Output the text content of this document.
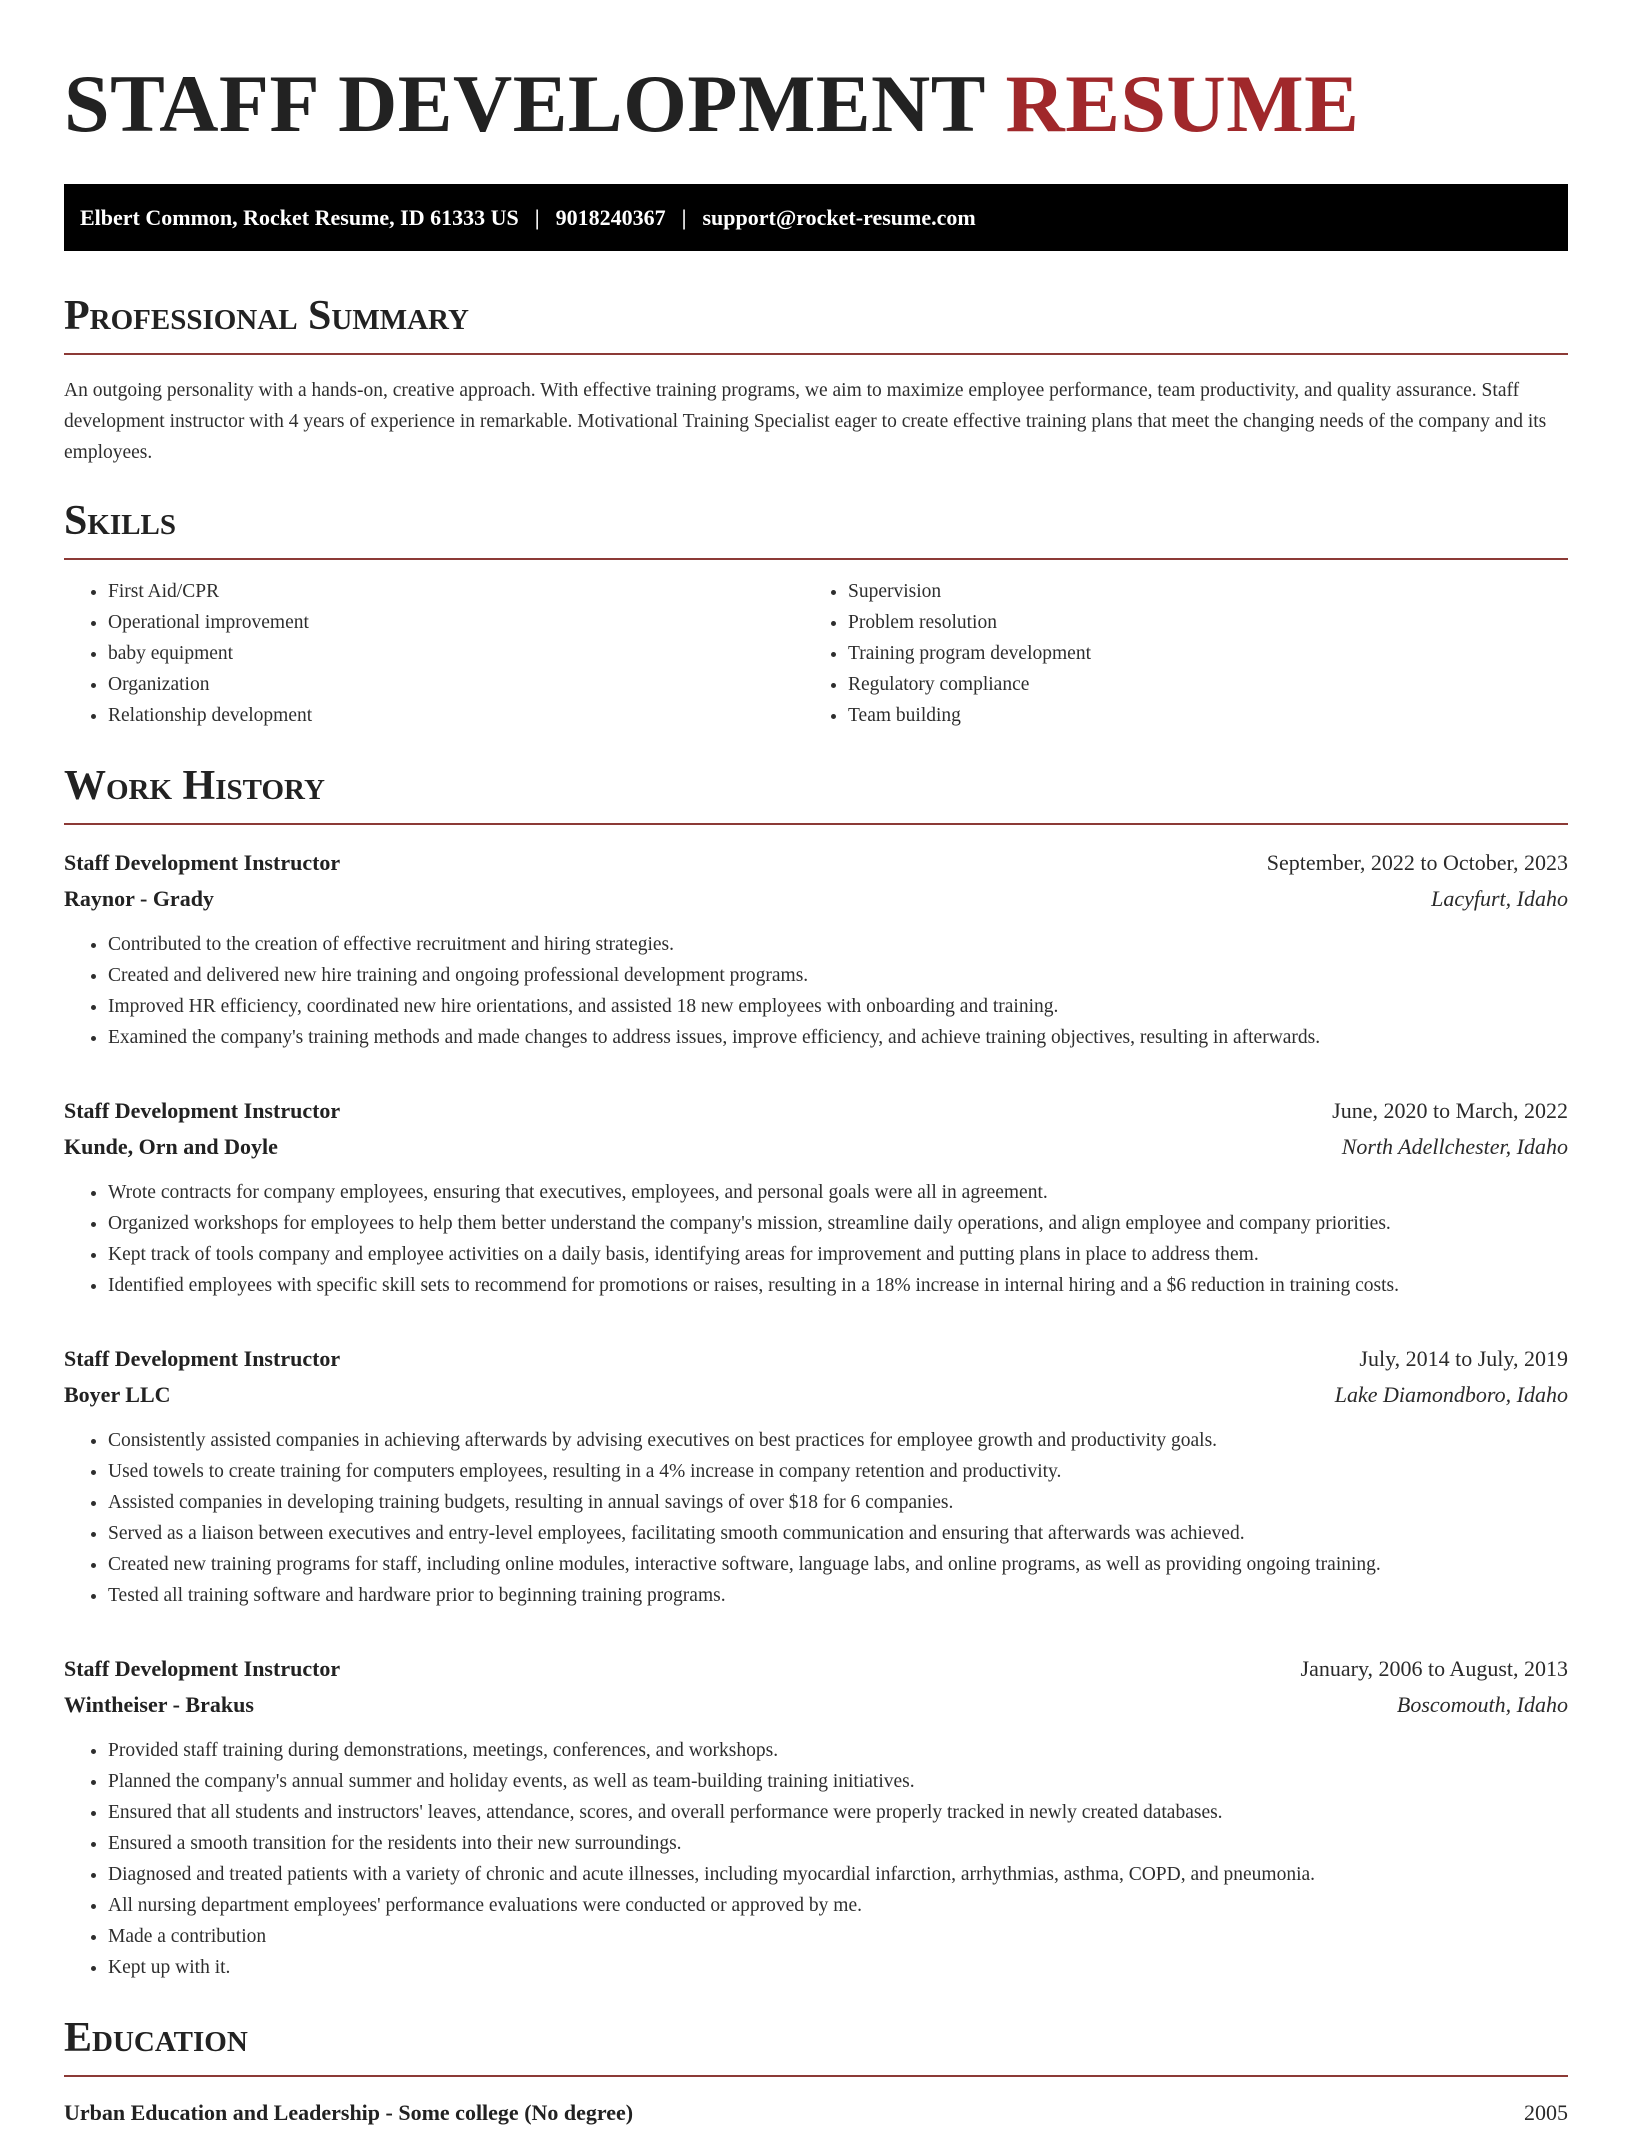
STAFF DEVELOPMENT RESUME
Elbert Common, Rocket Resume, ID 61333 US | 9018240367 | support@rocket-resume.com
Professional Summary

An outgoing personality with a hands-on, creative approach. With effective training programs, we aim to maximize employee performance, team productivity, and quality assurance. Staff development instructor with 4 years of experience in remarkable. Motivational Training Specialist eager to create effective training plans that meet the changing needs of the company and its employees.

Skills
• First Aid/CPR
• Operational improvement
• baby equipment
• Organization
• Relationship development
• Supervision
• Problem resolution
• Training program development
• Regulatory compliance
• Team building
Work History
Staff Development Instructor	September, 2022 to October, 2023
Raynor - Grady	Lacyfurt, Idaho
• Contributed to the creation of effective recruitment and hiring strategies.
• Created and delivered new hire training and ongoing professional development programs.
• Improved HR efficiency, coordinated new hire orientations, and assisted 18 new employees with onboarding and training.
• Examined the company's training methods and made changes to address issues, improve efficiency, and achieve training objectives, resulting in afterwards.
Staff Development Instructor	June, 2020 to March, 2022
Kunde, Orn and Doyle	North Adellchester, Idaho
• Wrote contracts for company employees, ensuring that executives, employees, and personal goals were all in agreement.
• Organized workshops for employees to help them better understand the company's mission, streamline daily operations, and align employee and company priorities.
• Kept track of tools company and employee activities on a daily basis, identifying areas for improvement and putting plans in place to address them.
• Identified employees with specific skill sets to recommend for promotions or raises, resulting in a 18% increase in internal hiring and a $6 reduction in training costs.
Staff Development Instructor	July, 2014 to July, 2019
Boyer LLC	Lake Diamondboro, Idaho
• Consistently assisted companies in achieving afterwards by advising executives on best practices for employee growth and productivity goals.
• Used towels to create training for computers employees, resulting in a 4% increase in company retention and productivity.
• Assisted companies in developing training budgets, resulting in annual savings of over $18 for 6 companies.
• Served as a liaison between executives and entry-level employees, facilitating smooth communication and ensuring that afterwards was achieved.
• Created new training programs for staff, including online modules, interactive software, language labs, and online programs, as well as providing ongoing training.
• Tested all training software and hardware prior to beginning training programs.
Staff Development Instructor	January, 2006 to August, 2013
Wintheiser - Brakus	Boscomouth, Idaho
• Provided staff training during demonstrations, meetings, conferences, and workshops.
• Planned the company's annual summer and holiday events, as well as team-building training initiatives.
• Ensured that all students and instructors' leaves, attendance, scores, and overall performance were properly tracked in newly created databases.
• Ensured a smooth transition for the residents into their new surroundings.
• Diagnosed and treated patients with a variety of chronic and acute illnesses, including myocardial infarction, arrhythmias, asthma, COPD, and pneumonia.
• All nursing department employees' performance evaluations were conducted or approved by me.
• Made a contribution
• Kept up with it.
Education
Urban Education and Leadership - Some college (No degree)	2005
